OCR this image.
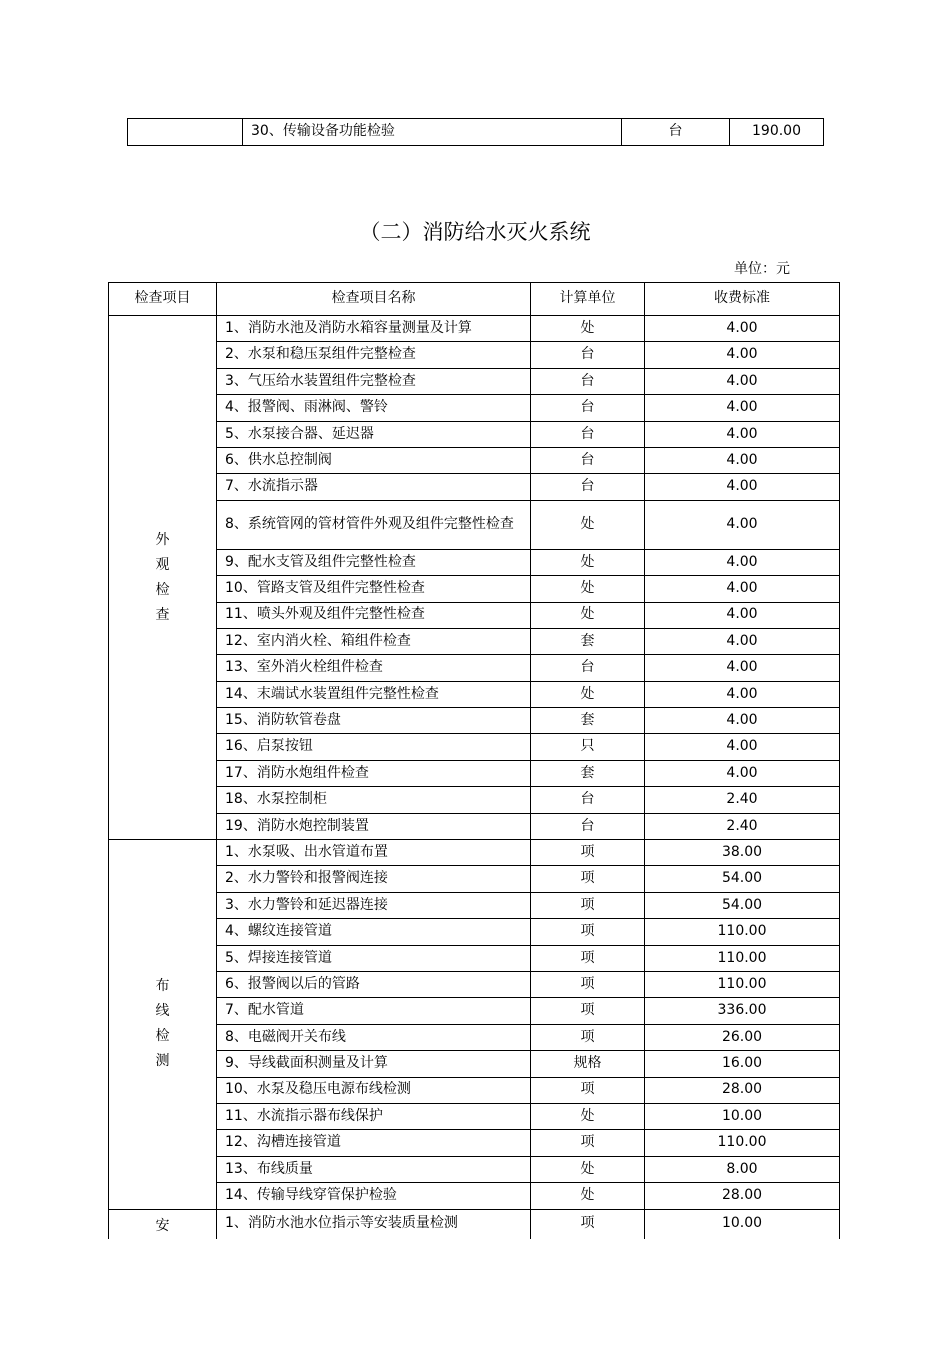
	30、传输设备功能检验	台	190.00
（二）消防给水灭火系统
单位：元
检查项目	检查项目名称	计算单位	收费标准

外观检查	1、消防水池及消防水箱容量测量及计算	处	4.00
	2、水泵和稳压泵组件完整检查	台	4.00
	3、气压给水装置组件完整检查	台	4.00
	4、报警阀、雨淋阀、警铃	台	4.00
	5、水泵接合器、延迟器	台	4.00
	6、供水总控制阀	台	4.00
	7、水流指示器	台	4.00
	8、系统管网的管材管件外观及组件完整性检查	处	4.00
	9、配水支管及组件完整性检查	处	4.00
	10、管路支管及组件完整性检查	处	4.00
	11、喷头外观及组件完整性检查	处	4.00
	12、室内消火栓、箱组件检查	套	4.00
	13、室外消火栓组件检查	台	4.00
	14、末端试水装置组件完整性检查	处	4.00
	15、消防软管卷盘	套	4.00
	16、启泵按钮	只	4.00
	17、消防水炮组件检查	套	4.00
	18、水泵控制柜	台	2.40
	19、消防水炮控制装置	台	2.40

布线检测	1、水泵吸、出水管道布置	项	38.00
	2、水力警铃和报警阀连接	项	54.00
	3、水力警铃和延迟器连接	项	54.00
	4、螺纹连接管道	项	110.00
	5、焊接连接管道	项	110.00
	6、报警阀以后的管路	项	110.00
	7、配水管道	项	336.00
	8、电磁阀开关布线	项	26.00
	9、导线截面积测量及计算	规格	16.00
	10、水泵及稳压电源布线检测	项	28.00
	11、水流指示器布线保护	处	10.00
	12、沟槽连接管道	项	110.00
	13、布线质量	处	8.00
	14、传输导线穿管保护检验	处	28.00

安	1、消防水池水位指示等安装质量检测	项	10.00
